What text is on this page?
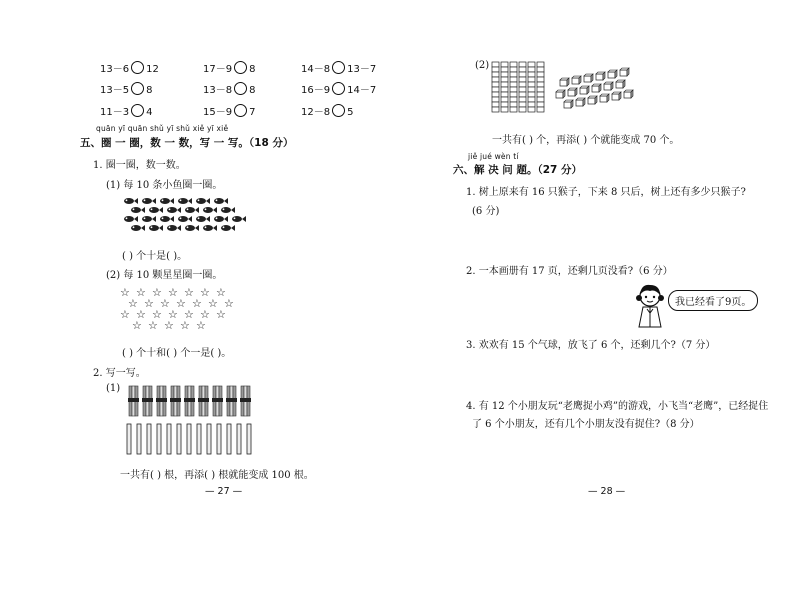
13－6 12	17－9 8	14－8 13－7
13－5 8	13－8 8	16－9 14－7
11－3 4	15－9 7	12－8 5
quān yī quān shǔ yī shǔ xiě yī xiě
五、圈 一 圈，数 一 数，写 一 写。（18 分）
1. 圈一圈，数一数。
(1) 每 10 条小鱼圈一圈。
( ) 个十是( )。
(2) 每 10 颗星星圈一圈。
☆ ☆ ☆ ☆ ☆ ☆ ☆
☆ ☆ ☆ ☆ ☆ ☆ ☆
☆ ☆ ☆ ☆ ☆ ☆ ☆
☆ ☆ ☆ ☆ ☆
( ) 个十和( ) 个一是( )。
2. 写一写。
(1)
一共有( ) 根，再添( ) 根就能变成 100 根。
— 27 —
(2)
一共有( ) 个，再添( ) 个就能变成 70 个。
jiě jué wèn tí
六、解 决 问 题。（27 分）
1. 树上原来有 16 只猴子，下来 8 只后，树上还有多少只猴子?
(6 分)
2. 一本画册有 17 页，还剩几页没看?（6 分）
我已经看了9页。
3. 欢欢有 15 个气球，放飞了 6 个，还剩几个?（7 分）
4. 有 12 个小朋友玩“老鹰捉小鸡”的游戏，小飞当“老鹰”，已经捉住
了 6 个小朋友，还有几个小朋友没有捉住?（8 分）
— 28 —
